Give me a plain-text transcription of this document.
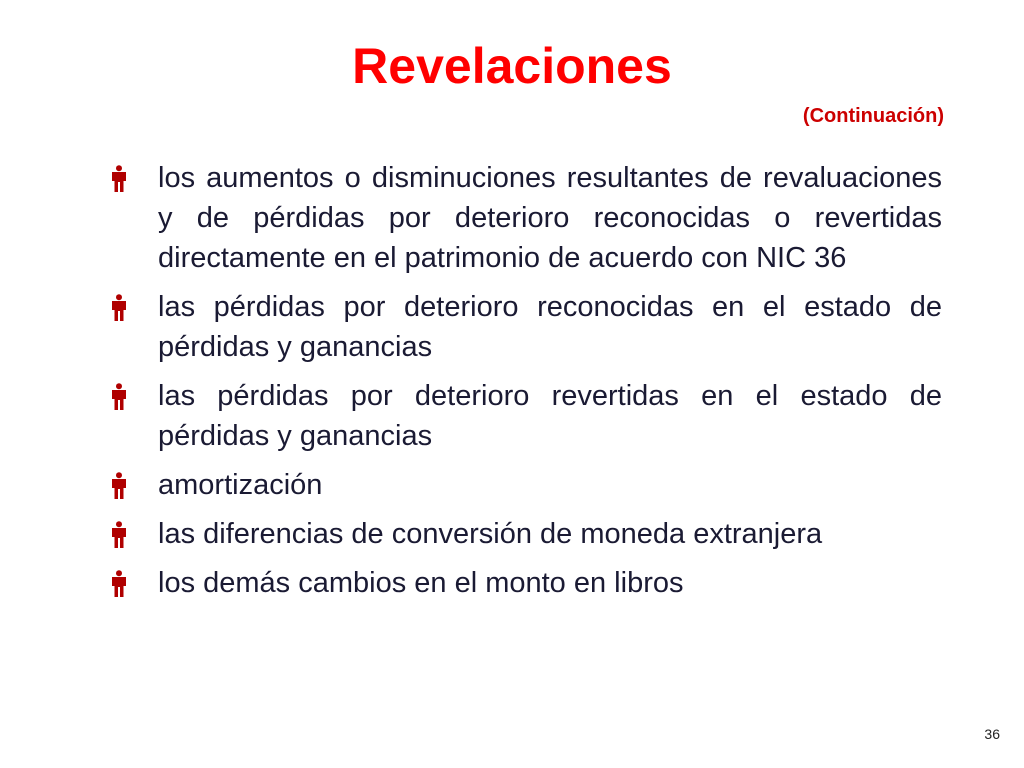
Revelaciones
(Continuación)
los aumentos o disminuciones resultantes de revaluaciones y de pérdidas por deterioro reconocidas o revertidas directamente en el patrimonio de acuerdo con NIC 36
las pérdidas por deterioro reconocidas en el estado de pérdidas y ganancias
las pérdidas por deterioro revertidas en el estado de pérdidas y ganancias
amortización
las diferencias de conversión de moneda extranjera
los demás cambios en el monto en libros
36
